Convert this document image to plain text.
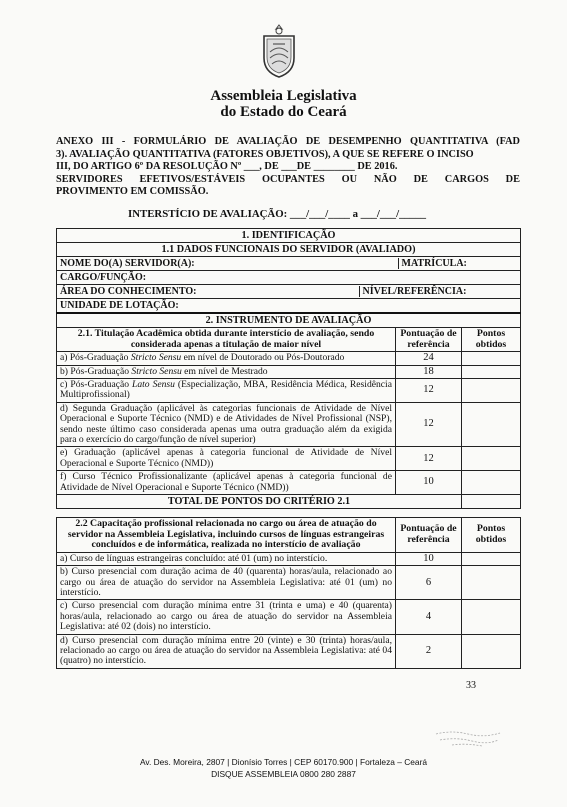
Assembleia Legislativa
do Estado do Ceará
ANEXO III - FORMULÁRIO DE AVALIAÇÃO DE DESEMPENHO QUANTITATIVA (FAD
3). AVALIAÇÃO QUANTITATIVA (FATORES OBJETIVOS), A QUE SE REFERE O INCISO
III, DO ARTIGO 6º DA RESOLUÇÃO Nº ___, DE ___DE ________ DE 2016.
SERVIDORES EFETIVOS/ESTÁVEIS OCUPANTES OU NÃO DE CARGOS DE
PROVIMENTO EM COMISSÃO.
INTERSTÍCIO DE AVALIAÇÃO: ___/___/____ a ___/___/_____
1. IDENTIFICAÇÃO		
1.1 DADOS FUNCIONAIS DO SERVIDOR (AVALIADO)		
NOME DO(A) SERVIDOR(A): MATRÍCULA:		

CARGO/FUNÇÃO:		
ÁREA DO CONHECIMENTO: NÍVEL/REFERÊNCIA:		

UNIDADE DE LOTAÇÃO:		
2. INSTRUMENTO DE AVALIAÇÃO		
2.1. Titulação Acadêmica obtida durante interstício de avaliação, sendo considerada apenas a titulação de maior nível	Pontuação de referência	Pontos obtidos
a) Pós-Graduação Stricto Sensu em nível de Doutorado ou Pós-Doutorado	24	
b) Pós-Graduação Stricto Sensu em nível de Mestrado	18	
c) Pós-Graduação Lato Sensu (Especialização, MBA, Residência Médica, Residência Multiprofissional)	12	
d) Segunda Graduação (aplicável às categorias funcionais de Atividade de Nível Operacional e Suporte Técnico (NMD) e de Atividades de Nível Profissional (NSP), sendo neste último caso considerada apenas uma outra graduação além da exigida para o exercício do cargo/função de nível superior)	12	
e) Graduação (aplicável apenas à categoria funcional de Atividade de Nível Operacional e Suporte Técnico (NMD))	12	
f) Curso Técnico Profissionalizante (aplicável apenas à categoria funcional de Atividade de Nível Operacional e Suporte Técnico (NMD))	10	
TOTAL DE PONTOS DO CRITÉRIO 2.1		
2.2 Capacitação profissional relacionada no cargo ou área de atuação do servidor na Assembleia Legislativa, incluindo cursos de línguas estrangeiras concluídos e de informática, realizada no interstício de avaliação	Pontuação de referência	Pontos obtidos
a) Curso de línguas estrangeiras concluído: até 01 (um) no interstício.	10	
b) Curso presencial com duração acima de 40 (quarenta) horas/aula, relacionado ao cargo ou área de atuação do servidor na Assembleia Legislativa: até 01 (um) no interstício.	6	
c) Curso presencial com duração mínima entre 31 (trinta e uma) e 40 (quarenta) horas/aula, relacionado ao cargo ou área de atuação do servidor na Assembleia Legislativa: até 02 (dois) no interstício.	4	
d) Curso presencial com duração mínima entre 20 (vinte) e 30 (trinta) horas/aula, relacionado ao cargo ou área de atuação do servidor na Assembleia Legislativa: até 04 (quatro) no interstício.	2	
33
Av. Des. Moreira, 2807 | Dionísio Torres | CEP 60170.900 | Fortaleza – Ceará
DISQUE ASSEMBLEIA 0800 280 2887
